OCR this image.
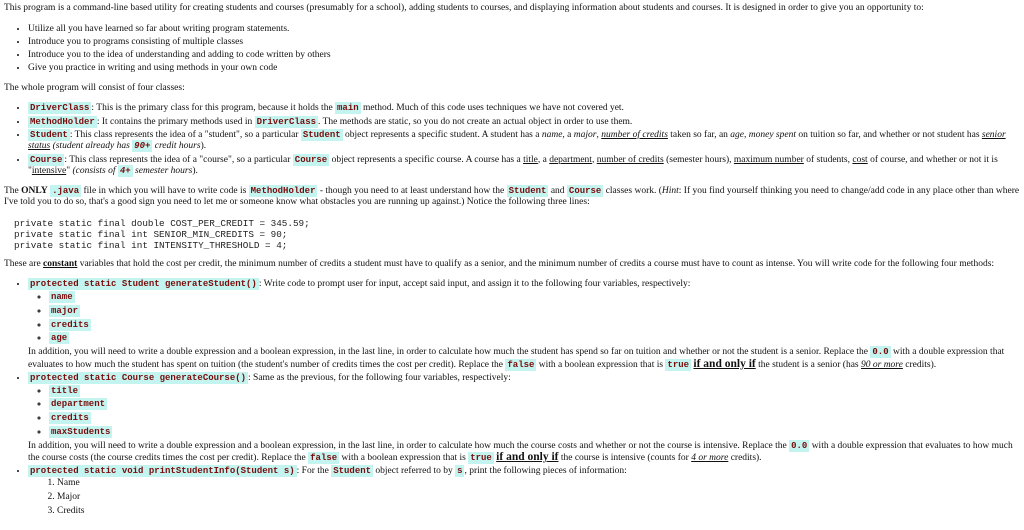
This program is a command-line based utility for creating students and courses (presumably for a school), adding students to courses, and displaying information about students and courses. It is designed in order to give you an opportunity to:

• Utilize all you have learned so far about writing program statements.
• Introduce you to programs consisting of multiple classes
• Introduce you to the idea of understanding and adding to code written by others
• Give you practice in writing and using methods in your own code

The whole program will consist of four classes:

• DriverClass : This is the primary class for this program, because it holds the main method. Much of this code uses techniques we have not covered yet.
• MethodHolder : It contains the primary methods used in DriverClass . The methods are static, so you do not create an actual object in order to use them.
• Student : This class represents the idea of a "student", so a particular Student object represents a specific student. A student has a name, a major, number of credits taken so far, an age, money spent on tuition so far, and whether or not student has senior status (student already has 90+ credit hours).
• Course : This class represents the idea of a "course", so a particular Course object represents a specific course. A course has a title, a department, number of credits (semester hours), maximum number of students, cost of course, and whether or not it is "intensive" (consists of 4+ semester hours).

The ONLY .java file in which you will have to write code is MethodHolder - though you need to at least understand how the Student and Course classes work. (Hint: If you find yourself thinking you need to change/add code in any place other than where I've told you to do so, that's a good sign you need to let me or someone know what obstacles you are running up against.) Notice the following three lines:

private static final double COST_PER_CREDIT = 345.59;
private static final int SENIOR_MIN_CREDITS = 90;
private static final int INTENSITY_THRESHOLD = 4;

These are constant variables that hold the cost per credit, the minimum number of credits a student must have to qualify as a senior, and the minimum number of credits a course must have to count as intense. You will write code for the following four methods:

• protected static Student generateStudent() : Write code to prompt user for input, accept said input, and assign it to the following four variables, respectively:
◦ name
◦ major
◦ credits
◦ age
In addition, you will need to write a double expression and a boolean expression, in the last line, in order to calculate how much the student has spend so far on tuition and whether or not the student is a senior. Replace the 0.0 with a double expression that evaluates to how much the student has spent on tuition (the student's number of credits times the cost per credit). Replace the false with a boolean expression that is true if and only if the student is a senior (has 90 or more credits).
• protected static Course generateCourse() : Same as the previous, for the following four variables, respectively:
◦ title
◦ department
◦ credits
◦ maxStudents
In addition, you will need to write a double expression and a boolean expression, in the last line, in order to calculate how much the course costs and whether or not the course is intensive. Replace the 0.0 with a double expression that evaluates to how much the course costs (the course credits times the cost per credit). Replace the false with a boolean expression that is true if and only if the course is intensive (counts for 4 or more credits).
• protected static void printStudentInfo(Student s) : For the Student object referred to by s , print the following pieces of information:
1. Name
2. Major
3. Credits
